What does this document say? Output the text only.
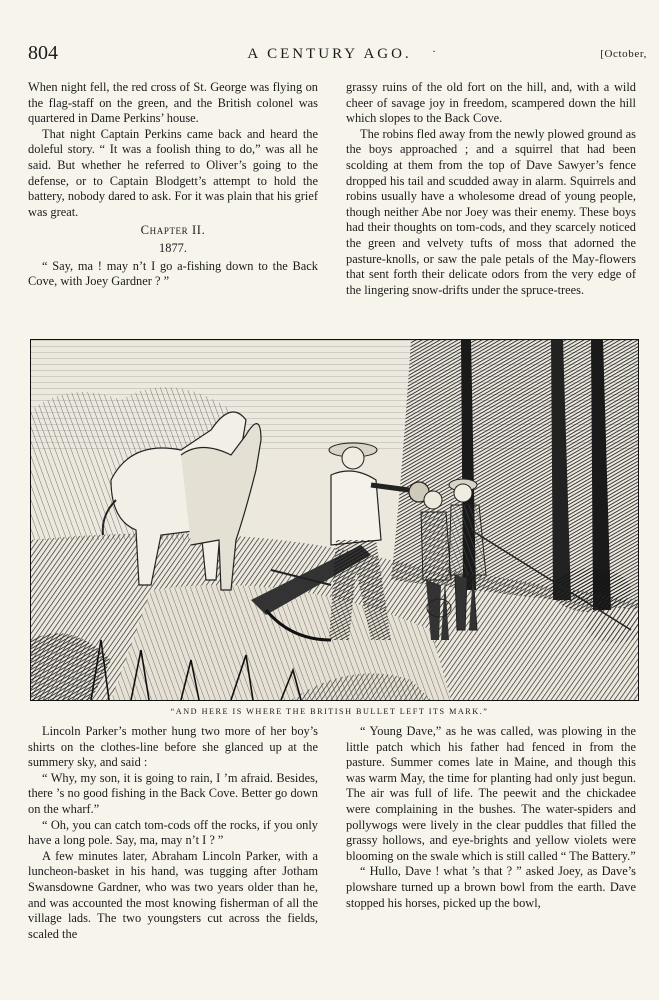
804	A CENTURY AGO. ·	[October,

When night fell, the red cross of St. George was flying on the flag-staff on the green, and the British colonel was quartered in Dame Perkins’ house.

That night Captain Perkins came back and heard the doleful story. “ It was a foolish thing to do,” was all he said. But whether he referred to Oliver’s going to the defense, or to Captain Blodgett’s attempt to hold the battery, nobody dared to ask. For it was plain that his grief was great.

Chapter II.

1877.

“ Say, ma ! may n’t I go a-fishing down to the Back Cove, with Joey Gardner ? ”

grassy ruins of the old fort on the hill, and, with a wild cheer of savage joy in freedom, scampered down the hill which slopes to the Back Cove.

The robins fled away from the newly plowed ground as the boys approached ; and a squirrel that had been scolding at them from the top of Dave Sawyer’s fence dropped his tail and scudded away in alarm. Squirrels and robins usually have a wholesome dread of young people, though neither Abe nor Joey was their enemy. These boys had their thoughts on tom-cods, and they scarcely noticed the green and velvety tufts of moss that adorned the pasture-knolls, or saw the pale petals of the May-flowers that sent forth their delicate odors from the very edge of the lingering snow-drifts under the spruce-trees.

“AND HERE IS WHERE THE BRITISH BULLET LEFT ITS MARK.”

Lincoln Parker’s mother hung two more of her boy’s shirts on the clothes-line before she glanced up at the summery sky, and said :

“ Why, my son, it is going to rain, I ’m afraid. Besides, there ’s no good fishing in the Back Cove. Better go down on the wharf.”

“ Oh, you can catch tom-cods off the rocks, if you only have a long pole. Say, ma, may n’t I ? ”

A few minutes later, Abraham Lincoln Parker, with a luncheon-basket in his hand, was tugging after Jotham Swansdowne Gardner, who was two years older than he, and was accounted the most knowing fisherman of all the village lads. The two youngsters cut across the fields, scaled the

“ Young Dave,” as he was called, was plowing in the little patch which his father had fenced in from the pasture. Summer comes late in Maine, and though this was warm May, the time for planting had only just begun. The air was full of life. The peewit and the chickadee were complaining in the bushes. The water-spiders and pollywogs were lively in the clear puddles that filled the grassy hollows, and eye-brights and yellow violets were blooming on the swale which is still called “ The Battery.”

“ Hullo, Dave ! what ’s that ? ” asked Joey, as Dave’s plowshare turned up a brown bowl from the earth. Dave stopped his horses, picked up the bowl,
